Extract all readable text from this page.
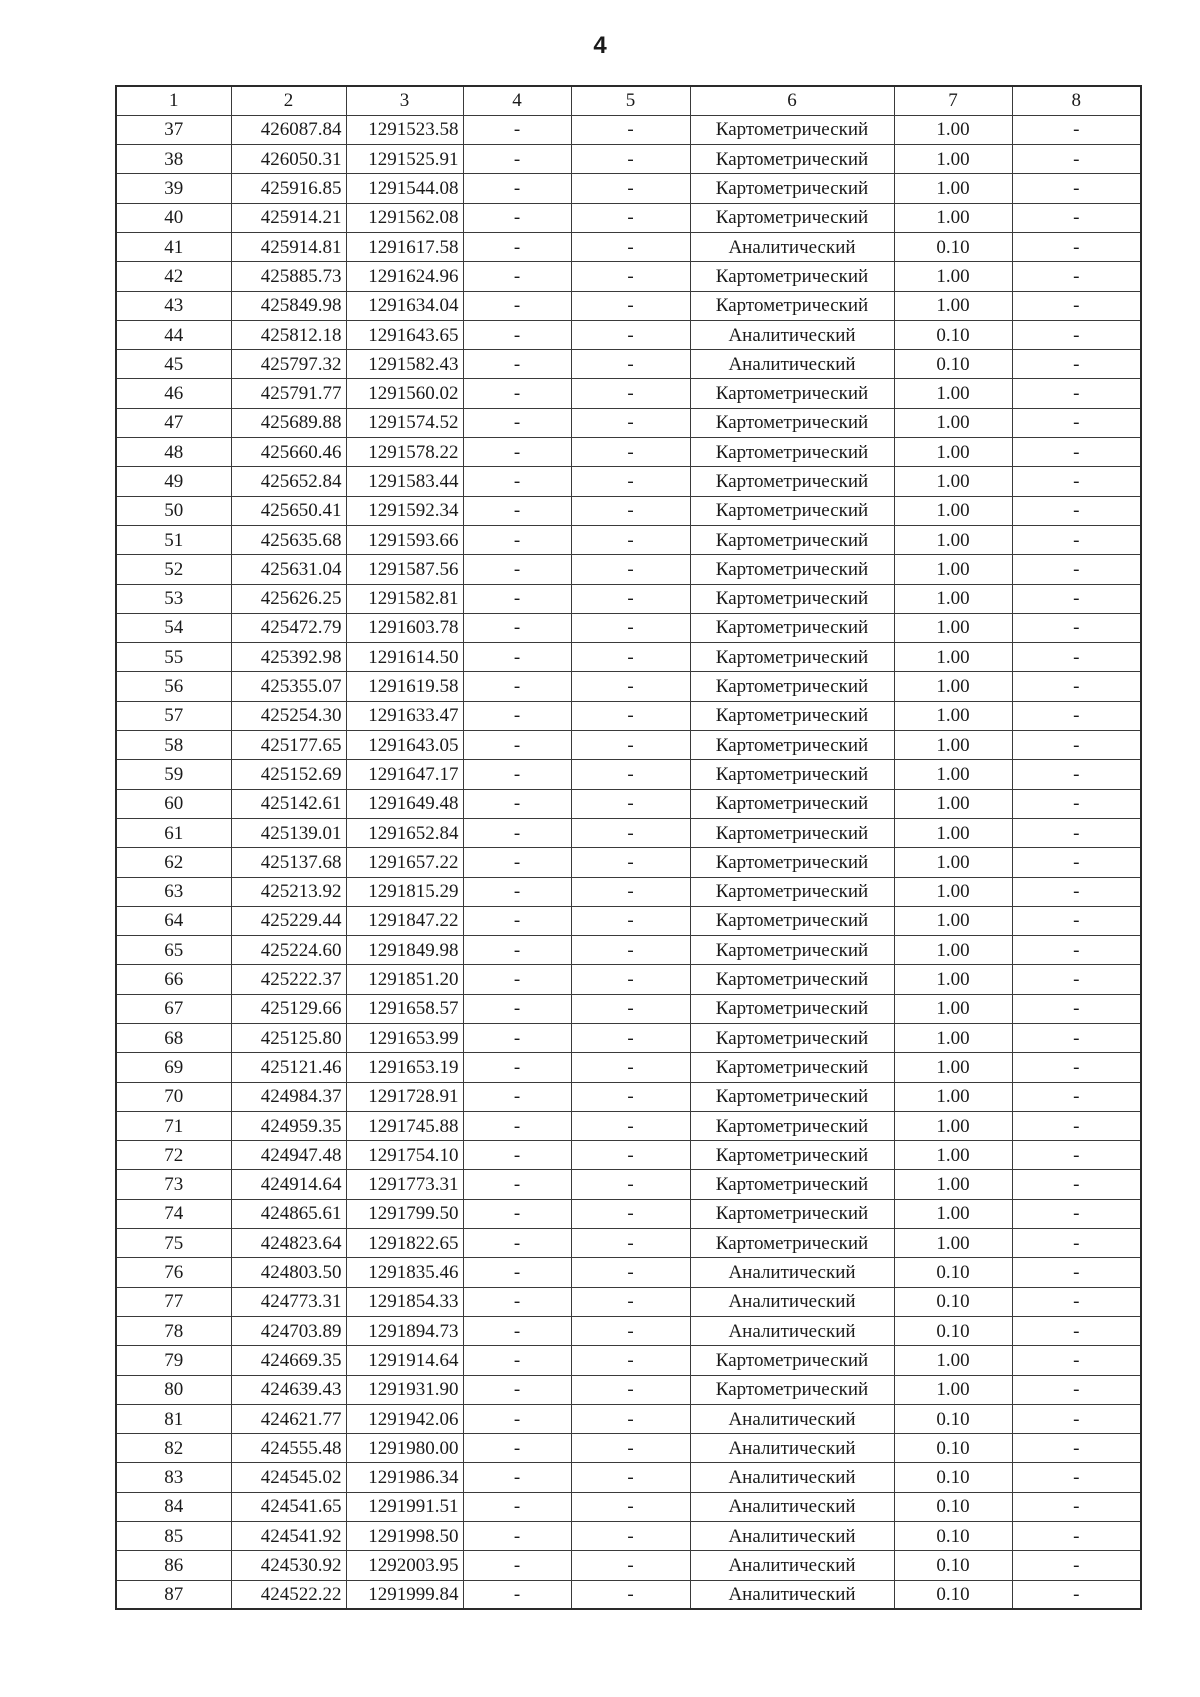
4
1	2	3	4	5	6	7	8
37	426087.84	1291523.58	-	-	Картометрический	1.00	-
38	426050.31	1291525.91	-	-	Картометрический	1.00	-
39	425916.85	1291544.08	-	-	Картометрический	1.00	-
40	425914.21	1291562.08	-	-	Картометрический	1.00	-
41	425914.81	1291617.58	-	-	Аналитический	0.10	-
42	425885.73	1291624.96	-	-	Картометрический	1.00	-
43	425849.98	1291634.04	-	-	Картометрический	1.00	-
44	425812.18	1291643.65	-	-	Аналитический	0.10	-
45	425797.32	1291582.43	-	-	Аналитический	0.10	-
46	425791.77	1291560.02	-	-	Картометрический	1.00	-
47	425689.88	1291574.52	-	-	Картометрический	1.00	-
48	425660.46	1291578.22	-	-	Картометрический	1.00	-
49	425652.84	1291583.44	-	-	Картометрический	1.00	-
50	425650.41	1291592.34	-	-	Картометрический	1.00	-
51	425635.68	1291593.66	-	-	Картометрический	1.00	-
52	425631.04	1291587.56	-	-	Картометрический	1.00	-
53	425626.25	1291582.81	-	-	Картометрический	1.00	-
54	425472.79	1291603.78	-	-	Картометрический	1.00	-
55	425392.98	1291614.50	-	-	Картометрический	1.00	-
56	425355.07	1291619.58	-	-	Картометрический	1.00	-
57	425254.30	1291633.47	-	-	Картометрический	1.00	-
58	425177.65	1291643.05	-	-	Картометрический	1.00	-
59	425152.69	1291647.17	-	-	Картометрический	1.00	-
60	425142.61	1291649.48	-	-	Картометрический	1.00	-
61	425139.01	1291652.84	-	-	Картометрический	1.00	-
62	425137.68	1291657.22	-	-	Картометрический	1.00	-
63	425213.92	1291815.29	-	-	Картометрический	1.00	-
64	425229.44	1291847.22	-	-	Картометрический	1.00	-
65	425224.60	1291849.98	-	-	Картометрический	1.00	-
66	425222.37	1291851.20	-	-	Картометрический	1.00	-
67	425129.66	1291658.57	-	-	Картометрический	1.00	-
68	425125.80	1291653.99	-	-	Картометрический	1.00	-
69	425121.46	1291653.19	-	-	Картометрический	1.00	-
70	424984.37	1291728.91	-	-	Картометрический	1.00	-
71	424959.35	1291745.88	-	-	Картометрический	1.00	-
72	424947.48	1291754.10	-	-	Картометрический	1.00	-
73	424914.64	1291773.31	-	-	Картометрический	1.00	-
74	424865.61	1291799.50	-	-	Картометрический	1.00	-
75	424823.64	1291822.65	-	-	Картометрический	1.00	-
76	424803.50	1291835.46	-	-	Аналитический	0.10	-
77	424773.31	1291854.33	-	-	Аналитический	0.10	-
78	424703.89	1291894.73	-	-	Аналитический	0.10	-
79	424669.35	1291914.64	-	-	Картометрический	1.00	-
80	424639.43	1291931.90	-	-	Картометрический	1.00	-
81	424621.77	1291942.06	-	-	Аналитический	0.10	-
82	424555.48	1291980.00	-	-	Аналитический	0.10	-
83	424545.02	1291986.34	-	-	Аналитический	0.10	-
84	424541.65	1291991.51	-	-	Аналитический	0.10	-
85	424541.92	1291998.50	-	-	Аналитический	0.10	-
86	424530.92	1292003.95	-	-	Аналитический	0.10	-
87	424522.22	1291999.84	-	-	Аналитический	0.10	-
